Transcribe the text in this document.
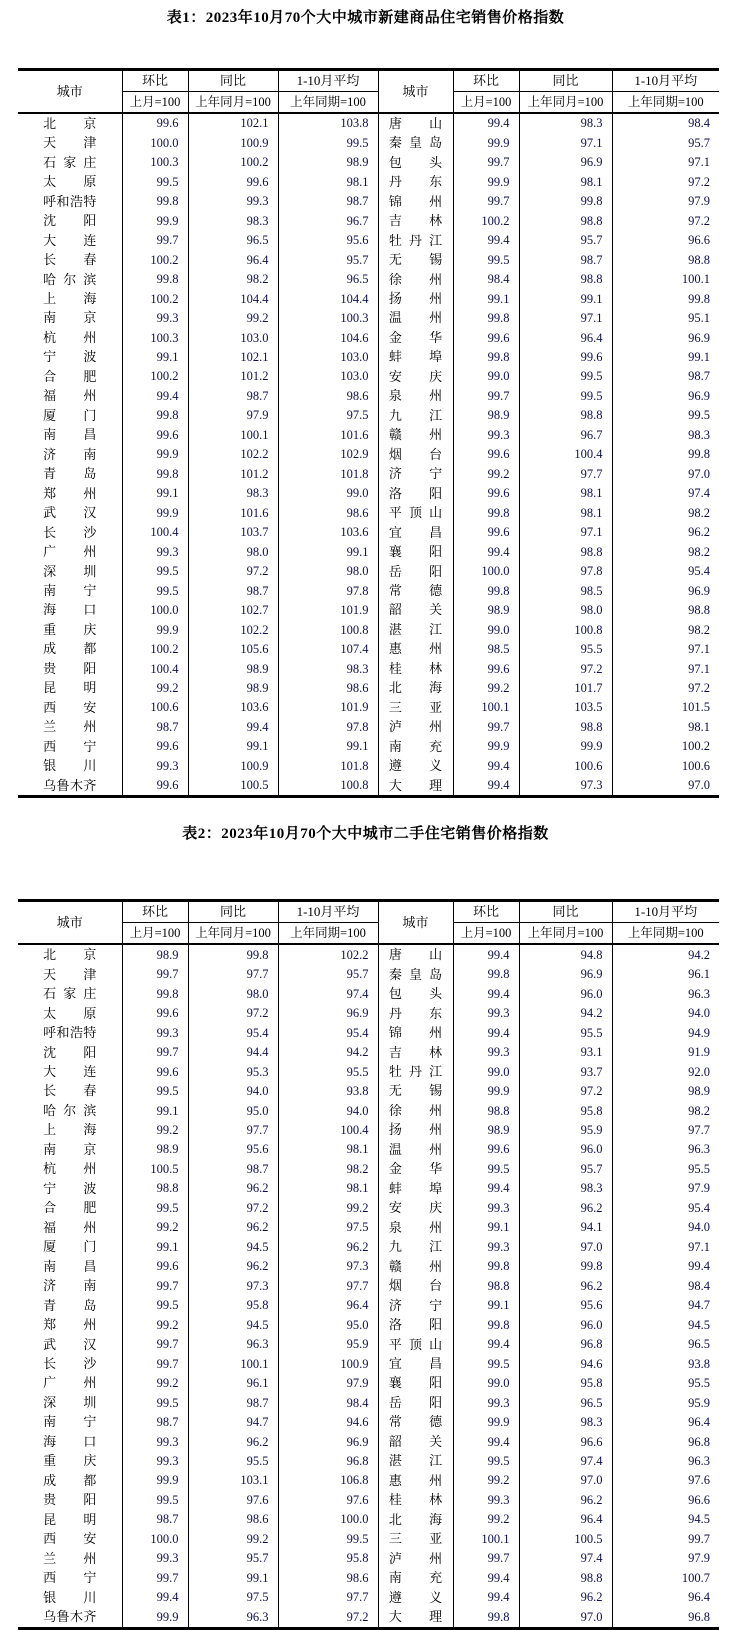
表1：2023年10月70个大中城市新建商品住宅销售价格指数
城市	环比	同比	1-10月平均	城市	环比	同比	1-10月平均
	上月=100	上年同月=100	上年同期=100		上月=100	上年同月=100	上年同期=100
北京	99.6	102.1	103.8	唐山	99.4	98.3	98.4
天津	100.0	100.9	99.5	秦皇岛	99.9	97.1	95.7
石家庄	100.3	100.2	98.9	包头	99.7	96.9	97.1
太原	99.5	99.6	98.1	丹东	99.9	98.1	97.2
呼和浩特	99.8	99.3	98.7	锦州	99.7	99.8	97.9
沈阳	99.9	98.3	96.7	吉林	100.2	98.8	97.2
大连	99.7	96.5	95.6	牡丹江	99.4	95.7	96.6
长春	100.2	96.4	95.7	无锡	99.5	98.7	98.8
哈尔滨	99.8	98.2	96.5	徐州	98.4	98.8	100.1
上海	100.2	104.4	104.4	扬州	99.1	99.1	99.8
南京	99.3	99.2	100.3	温州	99.8	97.1	95.1
杭州	100.3	103.0	104.6	金华	99.6	96.4	96.9
宁波	99.1	102.1	103.0	蚌埠	99.8	99.6	99.1
合肥	100.2	101.2	103.0	安庆	99.0	99.5	98.7
福州	99.4	98.7	98.6	泉州	99.7	99.5	96.9
厦门	99.8	97.9	97.5	九江	98.9	98.8	99.5
南昌	99.6	100.1	101.6	赣州	99.3	96.7	98.3
济南	99.9	102.2	102.9	烟台	99.6	100.4	99.8
青岛	99.8	101.2	101.8	济宁	99.2	97.7	97.0
郑州	99.1	98.3	99.0	洛阳	99.6	98.1	97.4
武汉	99.9	101.6	98.6	平顶山	99.8	98.1	98.2
长沙	100.4	103.7	103.6	宜昌	99.6	97.1	96.2
广州	99.3	98.0	99.1	襄阳	99.4	98.8	98.2
深圳	99.5	97.2	98.0	岳阳	100.0	97.8	95.4
南宁	99.5	98.7	97.8	常德	99.8	98.5	96.9
海口	100.0	102.7	101.9	韶关	98.9	98.0	98.8
重庆	99.9	102.2	100.8	湛江	99.0	100.8	98.2
成都	100.2	105.6	107.4	惠州	98.5	95.5	97.1
贵阳	100.4	98.9	98.3	桂林	99.6	97.2	97.1
昆明	99.2	98.9	98.6	北海	99.2	101.7	97.2
西安	100.6	103.6	101.9	三亚	100.1	103.5	101.5
兰州	98.7	99.4	97.8	泸州	99.7	98.8	98.1
西宁	99.6	99.1	99.1	南充	99.9	99.9	100.2
银川	99.3	100.9	101.8	遵义	99.4	100.6	100.6
乌鲁木齐	99.6	100.5	100.8	大理	99.4	97.3	97.0
表2：2023年10月70个大中城市二手住宅销售价格指数
城市	环比	同比	1-10月平均	城市	环比	同比	1-10月平均
	上月=100	上年同月=100	上年同期=100		上月=100	上年同月=100	上年同期=100
北京	98.9	99.8	102.2	唐山	99.4	94.8	94.2
天津	99.7	97.7	95.7	秦皇岛	99.8	96.9	96.1
石家庄	99.8	98.0	97.4	包头	99.4	96.0	96.3
太原	99.6	97.2	96.9	丹东	99.3	94.2	94.0
呼和浩特	99.3	95.4	95.4	锦州	99.4	95.5	94.9
沈阳	99.7	94.4	94.2	吉林	99.3	93.1	91.9
大连	99.6	95.3	95.5	牡丹江	99.0	93.7	92.0
长春	99.5	94.0	93.8	无锡	99.9	97.2	98.9
哈尔滨	99.1	95.0	94.0	徐州	98.8	95.8	98.2
上海	99.2	97.7	100.4	扬州	98.9	95.9	97.7
南京	98.9	95.6	98.1	温州	99.6	96.0	96.3
杭州	100.5	98.7	98.2	金华	99.5	95.7	95.5
宁波	98.8	96.2	98.1	蚌埠	99.4	98.3	97.9
合肥	99.5	97.2	99.2	安庆	99.3	96.2	95.4
福州	99.2	96.2	97.5	泉州	99.1	94.1	94.0
厦门	99.1	94.5	96.2	九江	99.3	97.0	97.1
南昌	99.6	96.2	97.3	赣州	99.8	99.8	99.4
济南	99.7	97.3	97.7	烟台	98.8	96.2	98.4
青岛	99.5	95.8	96.4	济宁	99.1	95.6	94.7
郑州	99.2	94.5	95.0	洛阳	99.8	96.0	94.5
武汉	99.7	96.3	95.9	平顶山	99.4	96.8	96.5
长沙	99.7	100.1	100.9	宜昌	99.5	94.6	93.8
广州	99.2	96.1	97.9	襄阳	99.0	95.8	95.5
深圳	99.5	98.7	98.4	岳阳	99.3	96.5	95.9
南宁	98.7	94.7	94.6	常德	99.9	98.3	96.4
海口	99.3	96.2	96.9	韶关	99.4	96.6	96.8
重庆	99.3	95.5	96.8	湛江	99.5	97.4	96.3
成都	99.9	103.1	106.8	惠州	99.2	97.0	97.6
贵阳	99.5	97.6	97.6	桂林	99.3	96.2	96.6
昆明	98.7	98.6	100.0	北海	99.2	96.4	94.5
西安	100.0	99.2	99.5	三亚	100.1	100.5	99.7
兰州	99.3	95.7	95.8	泸州	99.7	97.4	97.9
西宁	99.7	99.1	98.6	南充	99.4	98.8	100.7
银川	99.4	97.5	97.7	遵义	99.4	96.2	96.4
乌鲁木齐	99.9	96.3	97.2	大理	99.8	97.0	96.8
